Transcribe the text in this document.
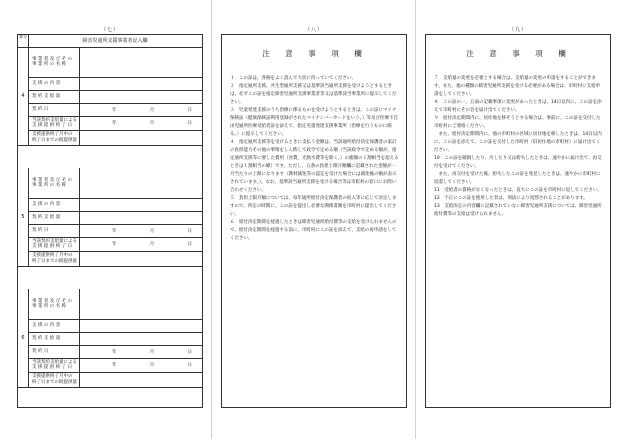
（七）	（八）	（九）
番号
障害児通所支援事業者記入欄
4
事 業 者 及 び そ の
事 業 所 の 名 称
支 援 の 内 容
契 約 支 給 量
契 約 日	年	月	日
当該契約支給量による
支 援 提 供 終 了 日	年	月	日
支援提供終了月中の
終了日までの既提供量
5
事 業 者 及 び そ の
事 業 所 の 名 称
支 援 の 内 容
契 約 支 給 量
契 約 日	年	月	日
当該契約支給量による
支 援 提 供 終 了 日	年	月	日
支援提供終了月中の
終了日までの既提供量
6
事 業 者 及 び そ の
事 業 所 の 名 称
支 援 の 内 容
契 約 支 給 量
契 約 日	年	月	日
当該契約支給量による
支 援 提 供 終 了 日	年	月	日
支援提供終了月中の
終了日までの既提供量
注　意　事　項　欄

１　この証は、各個をよく読んで大切に持っていてください。

２　指定通所支援、共生型通所支援又は基準該当通所支援を受けようとするときは、必ずこの証を指定障害児通所支援事業者等又は基準該当事業所に提示してください。

３　児童発達支援のうち治療に係るものを受けようとするときは、この証にマイナ保険証（健康保険証利用登録がされたマイナンバーカードをいう。）等及び医療不自由児通所医療受給者証を添えて、指定児童発達支援事業所（治療を行うものに限る。）に提示してください。

４　指定通所支援等を受けるときに支払う金額は、当該通所給付決定保護者の家計の負担能力その他の事情をしん酌して政令で定める額（当該政令で定める額が、指定通所支援等に要した費用（食費、光熱水費等を除く。）の総額の１割相当を超えるときは１割相当の額）です。ただし、五条の負担上限月額欄に記載された金額が一月当たりの上限になります（教材減免等の認定を受けた場合には減免後の額が表示されています。）。なお、基準該当通所支援を受ける場合等は市町村の窓口にお問い合わせください。

５　負担上限月額については、毎年通所給付決定保護者の収入等に応じて決定しますので、所定の時期に、この証を提出し必要な関係書類を市町村に提出してください。

６　給付決定期間を経過したときは障害児通所給付費等の支給を受けられませんので、給付決定期間を経過する前に、市町村にこの証を添えて、支給の再申請をしてください。

注　意　事　項　欄

７　支給量の変更を必要とする場合は、支給量の変更の申請をすることができます。また、他の種類の障害児通所支援を受ける必要がある場合は、市町村に支給申請をしてください。

８　この証の一、五面の記載事項に変更があったときは、14日以内に、この証を添えて市町村にその旨を届け出てください。

９　給付決定期間内に、居住地を移そうとする場合は、事前に、この証を交付した市町村にご連絡ください。

　また、給付決定期間内に、他の市町村の区域に居住地を移したときは、14日以内に、この証を添えて、この証を交付した市町村（旧居住地の市町村）に届け出てください。

10　この証を破損したり、汚したり又は紛失したときは、速やかに届け出て、再交付を受けてください。

　また、再交付を受けた後、紛失したこの証を発見したときは、速やかに市町村に返還してください。

11　受給者の資格がなくなったときは、直ちにこの証を市町村に返してください。

12　不正にこの証を使用した者は、刑法により処罰されることがあります。

13　支給決定の内容欄に記載されていない障害児通所支援については、障害児通所給付費等の支給は受けられません。
